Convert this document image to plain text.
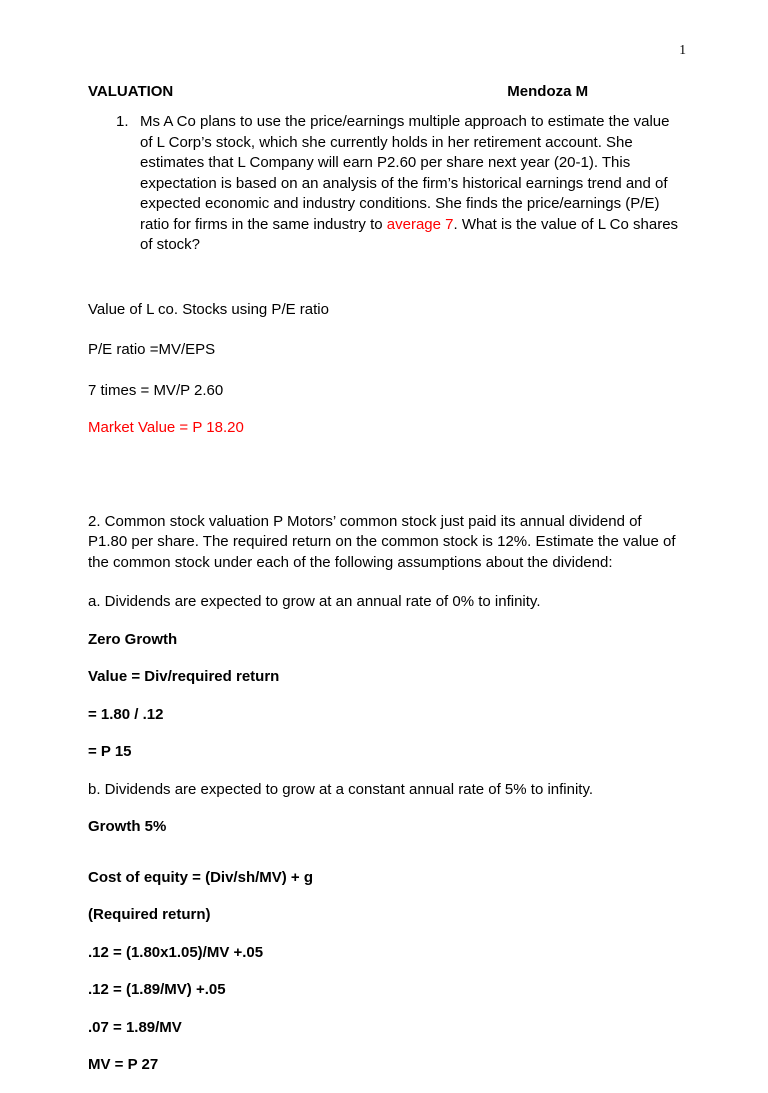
1
VALUATION	Mendoza M
1. Ms A Co plans to use the price/earnings multiple approach to estimate the value of L Corp’s stock, which she currently holds in her retirement account. She estimates that L Company will earn P2.60 per share next year (20-1). This expectation is based on an analysis of the firm’s historical earnings trend and of expected economic and industry conditions. She finds the price/earnings (P/E) ratio for firms in the same industry to average 7. What is the value of L Co shares of stock?

Value of L co. Stocks using P/E ratio

P/E ratio =MV/EPS

7 times = MV/P 2.60

Market Value = P 18.20

2. Common stock valuation P Motors’ common stock just paid its annual dividend of P1.80 per share. The required return on the common stock is 12%. Estimate the value of the common stock under each of the following assumptions about the dividend:

a. Dividends are expected to grow at an annual rate of 0% to infinity.

Zero Growth

Value = Div/required return

= 1.80 / .12

= P 15

b. Dividends are expected to grow at a constant annual rate of 5% to infinity.

Growth 5%

Cost of equity = (Div/sh/MV) + g

(Required return)

.12 = (1.80x1.05)/MV +.05

.12 = (1.89/MV) +.05

.07 = 1.89/MV

MV = P 27
